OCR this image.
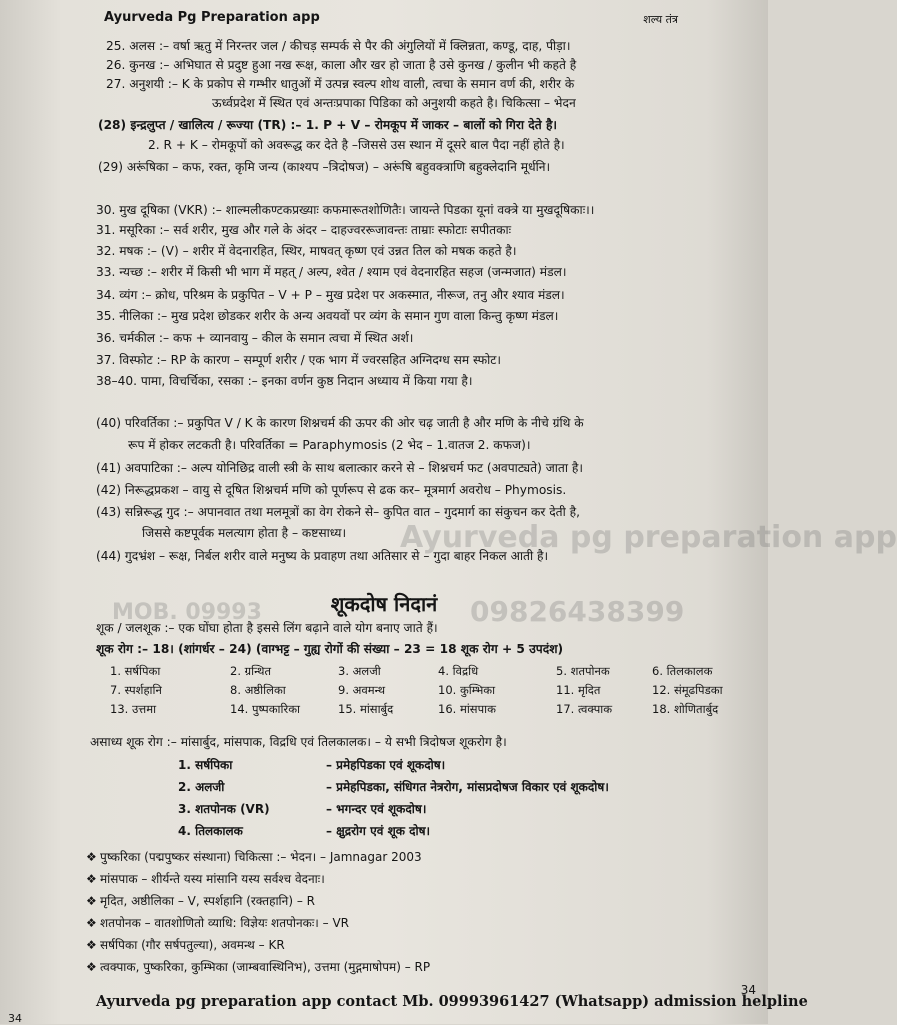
Ayurveda Pg Preparation app	शल्य तंत्र
Ayurveda pg preparation app
MOB. 09993	09826438399
25. अलस :– वर्षा ऋतु में निरन्तर जल / कीचड़ सम्पर्क से पैर की अंगुलियों में क्लिन्नता, कण्डू, दाह, पीड़ा।
26. कुनख :– अभिघात से प्रदुष्ट हुआ नख रूक्ष, काला और खर हो जाता है उसे कुनख / कुलीन भी कहते है
27. अनुशयी :– K के प्रकोप से गम्भीर धातुओं में उत्पन्न स्वल्प शोथ वाली, त्वचा के समान वर्ण की, शरीर के
ऊर्ध्वप्रदेश में स्थित एवं अन्तःप्रपाका पिडिका को अनुशयी कहते है। चिकित्सा – भेदन
(28) इन्द्रलुप्त / खालित्य / रूज्या (TR) :– 1. P + V – रोमकूप में जाकर – बालों को गिरा देते है।
2. R + K – रोमकूपों को अवरूद्ध कर देते है –जिससे उस स्थान में दूसरे बाल पैदा नहीं होते है।
(29) अरूंषिका – कफ, रक्त, कृमि जन्य (काश्यप –त्रिदोषज) – अरूंषि बहुवक्त्राणि बहुक्लेदानि मूर्धनि।
30. मुख दूषिका (VKR) :– शाल्मलीकण्टकप्रख्याः कफमारूतशोणितैः। जायन्ते पिडका यूनां वक्त्रे या मुखदूषिकाः।।
31. मसूरिका :– सर्व शरीर, मुख और गले के अंदर – दाहज्वररूजावन्तः ताम्राः स्फोटाः सपीतकाः
32. मषक :– (V) – शरीर में वेदनारहित, स्थिर, माषवत् कृष्ण एवं उन्नत तिल को मषक कहते है।
33. न्यच्छ :– शरीर में किसी भी भाग में महत् / अल्प, श्वेत / श्याम एवं वेदनारहित सहज (जन्मजात) मंडल।
34. व्यंग :– क्रोध, परिश्रम के प्रकुपित – V + P – मुख प्रदेश पर अकस्मात, नीरूज, तनु और श्याव मंडल।
35. नीलिका :– मुख प्रदेश छोडकर शरीर के अन्य अवयवों पर व्यंग के समान गुण वाला किन्तु कृष्ण मंडल।
36. चर्मकील :– कफ + व्यानवायु – कील के समान त्वचा में स्थित अर्श।
37. विस्फोट :– RP के कारण – सम्पूर्ण शरीर / एक भाग में ज्वरसहित अग्निदग्ध सम स्फोट।
38–40. पामा, विचर्चिका, रसका :– इनका वर्णन कुष्ठ निदान अध्याय में किया गया है।
(40) परिवर्तिका :– प्रकुपित V / K के कारण शिश्नचर्म की ऊपर की ओर चढ़ जाती है और मणि के नीचे ग्रंथि के
रूप में होकर लटकती है। परिवर्तिका = Paraphymosis (2 भेद – 1.वातज 2. कफज)।
(41) अवपाटिका :– अल्प योनिछिद्र वाली स्त्री के साथ बलात्कार करने से – शिश्नचर्म फट (अवपाट्यते) जाता है।
(42) निरूद्धप्रकश – वायु से दूषित शिश्नचर्म मणि को पूर्णरूप से ढक कर– मूत्रमार्ग अवरोध – Phymosis.
(43) सन्निरूद्ध गुद :– अपानवात तथा मलमूत्रों का वेग रोकने से– कुपित वात – गुदमार्ग का संकुचन कर देती है,
जिससे कष्टपूर्वक मलत्याग होता है – कष्टसाध्य।
(44) गुदभ्रंश – रूक्ष, निर्बल शरीर वाले मनुष्य के प्रवाहण तथा अतिसार से – गुदा बाहर निकल आती है।
शूक / जलशूक :– एक घोंघा होता है इससे लिंग बढ़ाने वाले योग बनाए जाते हैं।
शूक रोग :– 18। (शांगर्धर – 24) (वाग्भट्ट – गुह्य रोगों की संख्या – 23 = 18 शूक रोग + 5 उपदंश)
असाध्य शूक रोग :– मांसार्बुद, मांसपाक, विद्रधि एवं तिलकालक। – ये सभी त्रिदोषज शूकरोग है।
शूकदोष निदानं
1. सर्षपिका	2. ग्रन्थित	3. अलजी	4. विद्रधि	5. शतपोनक	6. तिलकालक
7. स्पर्शहानि	8. अष्ठीलिका	9. अवमन्थ	10. कुम्भिका	11. मृदित	12. संमूढपिडका
13. उत्तमा	14. पुष्पकारिका	15. मांसार्बुद	16. मांसपाक	17. त्वक्पाक	18. शोणितार्बुद
1. सर्षपिका	– प्रमेहपिडका एवं शूकदोष।
2. अलजी	– प्रमेहपिडका, संधिगत नेत्ररोग, मांसप्रदोषज विकार एवं शूकदोष।
3. शतपोनक (VR)	– भगन्दर एवं शूकदोष।
4. तिलकालक	– क्षुद्ररोग एवं शूक दोष।
❖ पुष्करिका (पद्मपुष्कर संस्थाना) चिकित्सा :– भेदन। – Jamnagar 2003
❖ मांसपाक – शीर्यन्ते यस्य मांसानि यस्य सर्वश्च वेदनाः।
❖ मृदित, अष्ठीलिका – V, स्पर्शहानि (रक्तहानि) – R
❖ शतपोनक – वातशोणितो व्याधि: विज्ञेयः शतपोनकः। – VR
❖ सर्षपिका (गौर सर्षपतुल्या), अवमन्थ – KR
❖ त्वक्पाक, पुष्करिका, कुम्भिका (जाम्बवास्थिनिभ), उत्तमा (मुद्गमाषोपम) – RP
Ayurveda pg preparation app contact Mb. 09993961427 (Whatsapp) admission helpline
34
34
